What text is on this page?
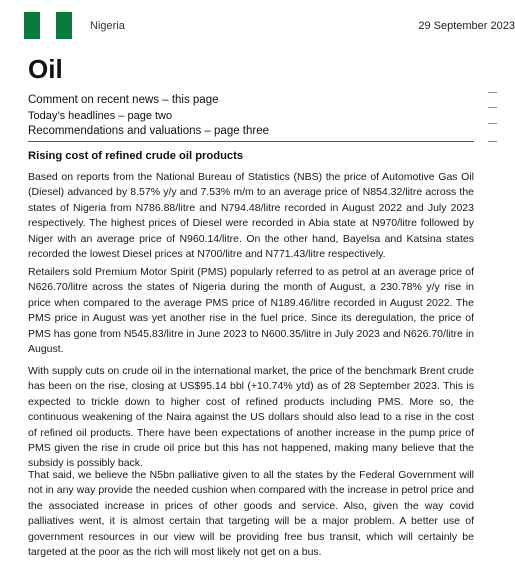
Nigeria	29 September 2023
Oil
Comment on recent news – this page
Today’s headlines – page two
Recommendations and valuations – page three
Rising cost of refined crude oil products

Based on reports from the National Bureau of Statistics (NBS) the price of Automotive Gas Oil (Diesel) advanced by 8.57% y/y and 7.53% m/m to an average price of N854.32/litre across the states of Nigeria from N786.88/litre and N794.48/litre recorded in August 2022 and July 2023 respectively. The highest prices of Diesel were recorded in Abia state at N970/litre followed by Niger with an average price of N960.14/litre. On the other hand, Bayelsa and Katsina states recorded the lowest Diesel prices at N700/litre and N771.43/litre respectively.

Retailers sold Premium Motor Spirit (PMS) popularly referred to as petrol at an average price of N626.70/litre across the states of Nigeria during the month of August, a 230.78% y/y rise in price when compared to the average PMS price of N189.46/litre recorded in August 2022. The PMS price in August was yet another rise in the fuel price. Since its deregulation, the price of PMS has gone from N545.83/litre in June 2023 to N600.35/litre in July 2023 and N626.70/litre in August.

With supply cuts on crude oil in the international market, the price of the benchmark Brent crude has been on the rise, closing at US$95.14 bbl (+10.74% ytd) as of 28 September 2023. This is expected to trickle down to higher cost of refined products including PMS. More so, the continuous weakening of the Naira against the US dollars should also lead to a rise in the cost of refined oil products. There have been expectations of another increase in the pump price of PMS given the rise in crude oil price but this has not happened, making many believe that the subsidy is possibly back.

That said, we believe the N5bn palliative given to all the states by the Federal Government will not in any way provide the needed cushion when compared with the increase in petrol price and the associated increase in prices of other goods and service. Also, given the way covid palliatives went, it is almost certain that targeting will be a major problem. A better use of government resources in our view will be providing free bus transit, which will certainly be targeted at the poor as the rich will most likely not get on a bus.
